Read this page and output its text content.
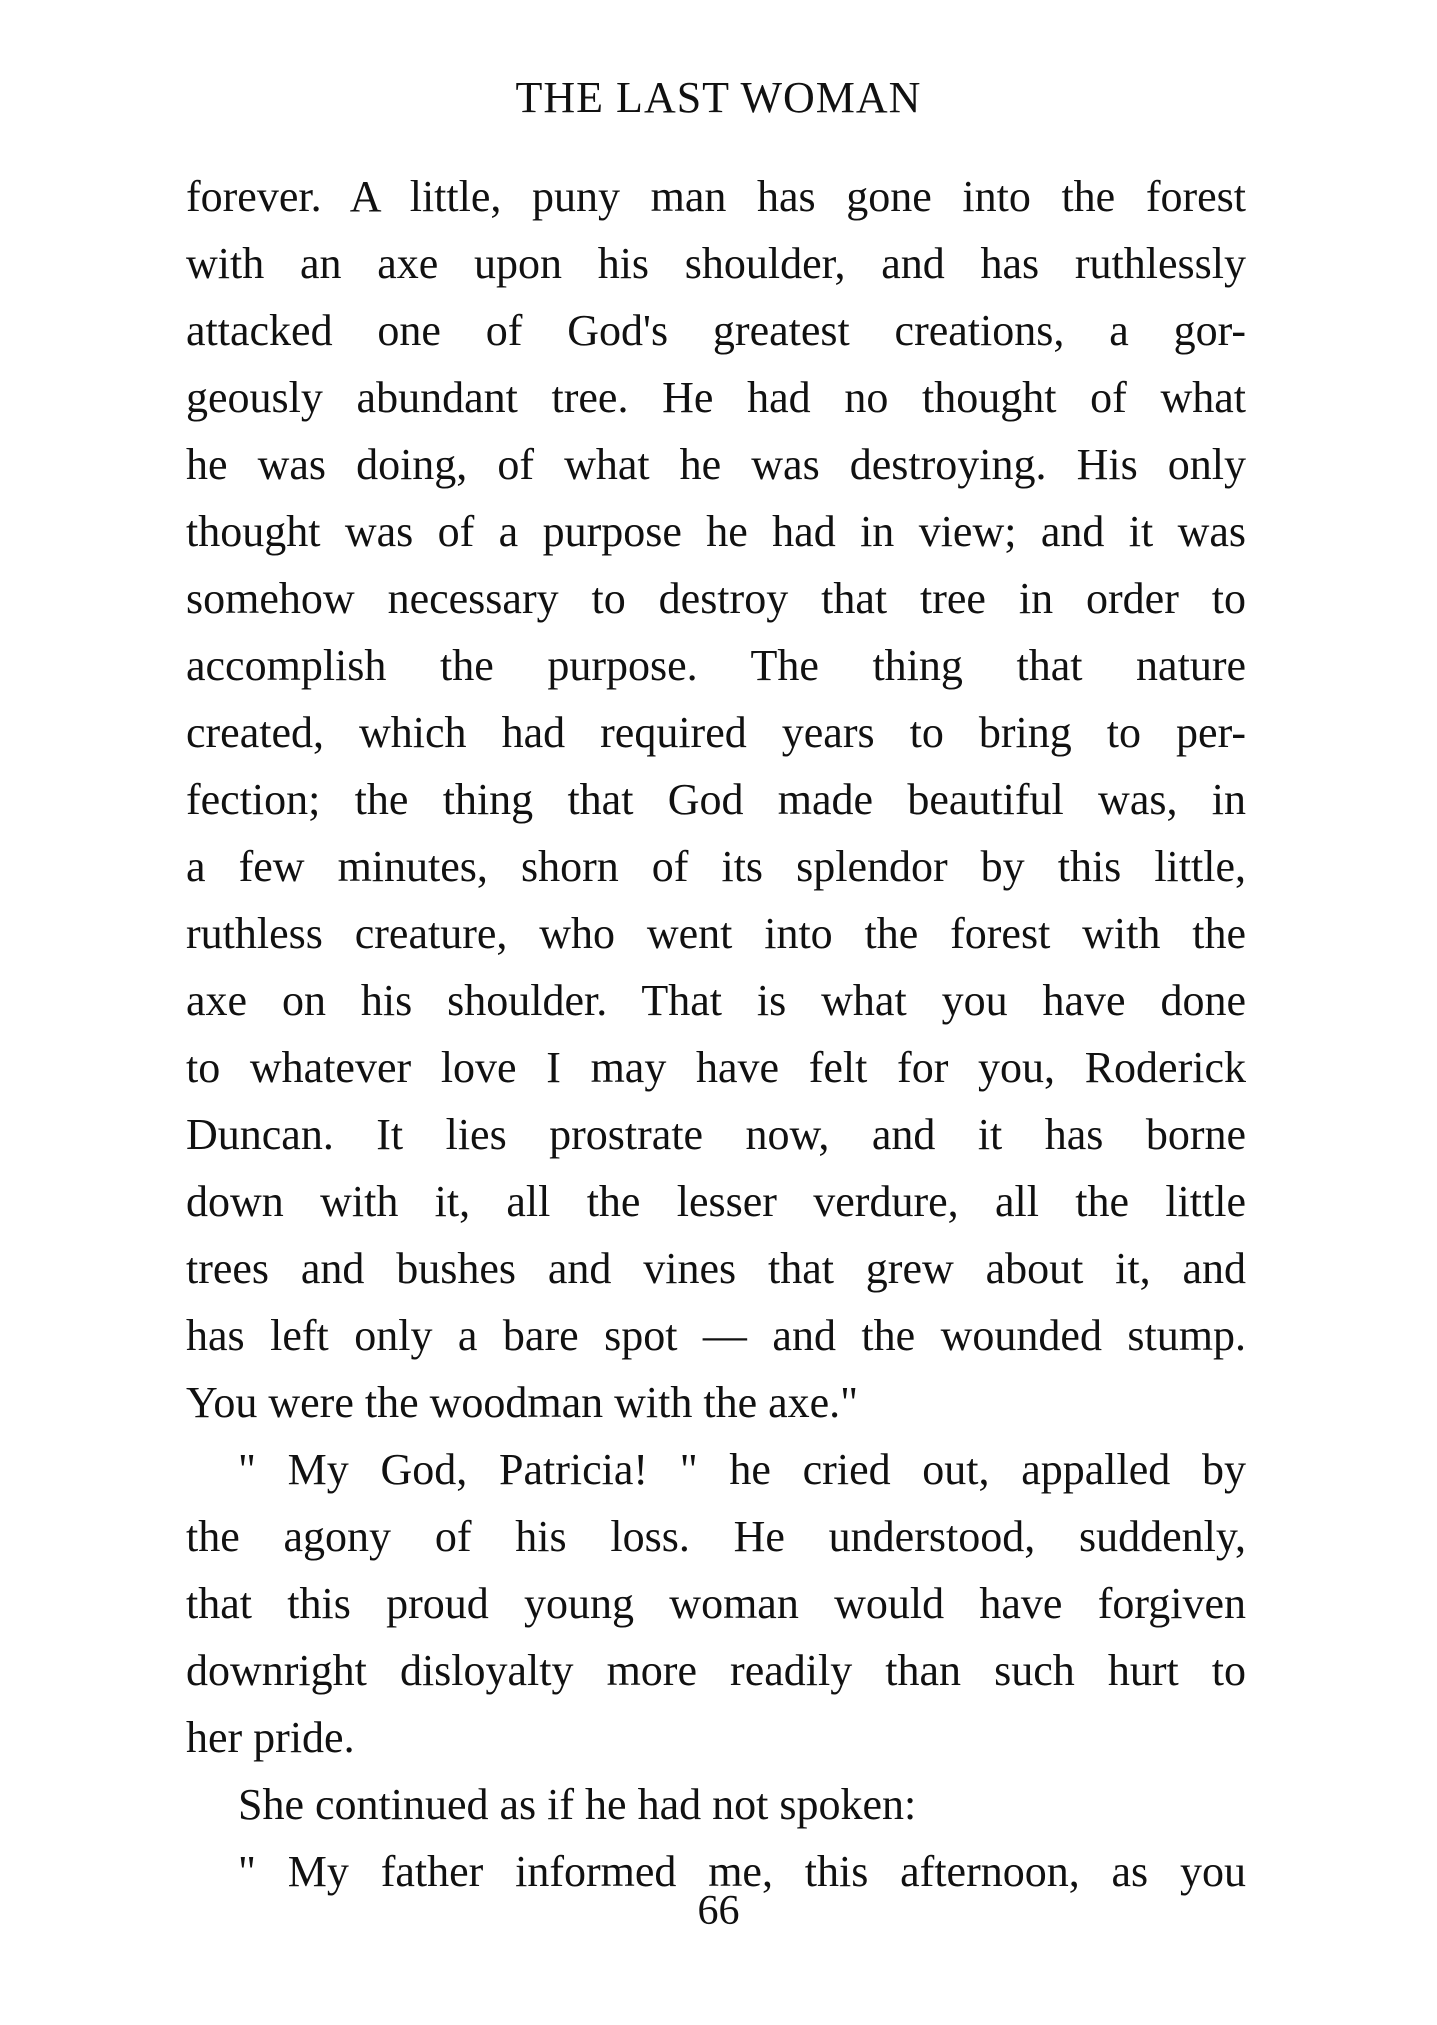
THE LAST WOMAN
forever. A little, puny man has gone into the forest
with an axe upon his shoulder, and has ruthlessly
attacked one of God's greatest creations, a gor-
geously abundant tree. He had no thought of what
he was doing, of what he was destroying. His only
thought was of a purpose he had in view; and it was
somehow necessary to destroy that tree in order to
accomplish the purpose. The thing that nature
created, which had required years to bring to per-
fection; the thing that God made beautiful was, in
a few minutes, shorn of its splendor by this little,
ruthless creature, who went into the forest with the
axe on his shoulder. That is what you have done
to whatever love I may have felt for you, Roderick
Duncan. It lies prostrate now, and it has borne
down with it, all the lesser verdure, all the little
trees and bushes and vines that grew about it, and
has left only a bare spot — and the wounded stump.
You were the woodman with the axe."
" My God, Patricia! " he cried out, appalled by
the agony of his loss. He understood, suddenly,
that this proud young woman would have forgiven
downright disloyalty more readily than such hurt to
her pride.
She continued as if he had not spoken:
" My father informed me, this afternoon, as you
66
